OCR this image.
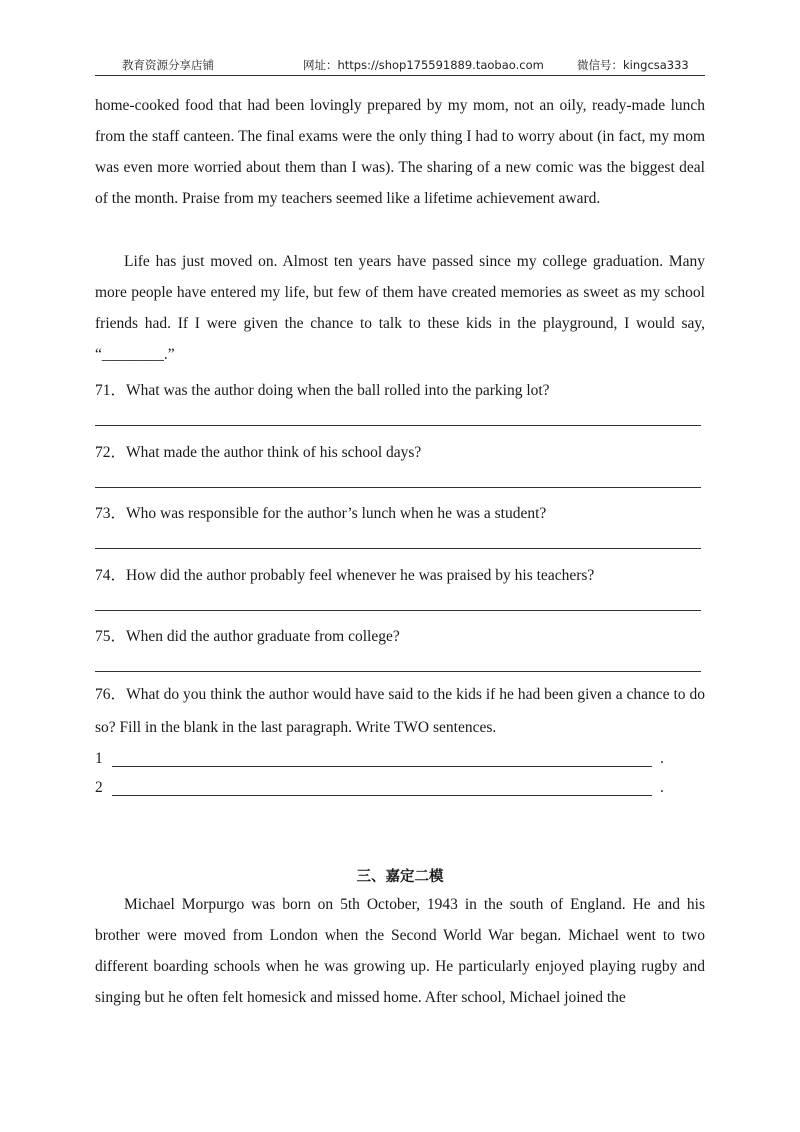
教育资源分享店铺	网址：https://shop175591889.taobao.com	微信号：kingcsa333

home-cooked food that had been lovingly prepared by my mom, not an oily, ready-made lunch from the staff canteen. The final exams were the only thing I had to worry about (in fact, my mom was even more worried about them than I was). The sharing of a new comic was the biggest deal of the month. Praise from my teachers seemed like a lifetime achievement award.

Life has just moved on. Almost ten years have passed since my college graduation. Many more people have entered my life, but few of them have created memories as sweet as my school friends had. If I were given the chance to talk to these kids in the playground, I would say, “________.”

71．What was the author doing when the ball rolled into the parking lot?
72．What made the author think of his school days?
73．Who was responsible for the author’s lunch when he was a student?
74．How did the author probably feel whenever he was praised by his teachers?
75．When did the author graduate from college?

76．What do you think the author would have said to the kids if he had been given a chance to do so? Fill in the blank in the last paragraph. Write TWO sentences.

1	.
2	.
三、嘉定二模

Michael Morpurgo was born on 5th October, 1943 in the south of England. He and his brother were moved from London when the Second World War began. Michael went to two different boarding schools when he was growing up. He particularly enjoyed playing rugby and singing but he often felt homesick and missed home. After school, Michael joined the
